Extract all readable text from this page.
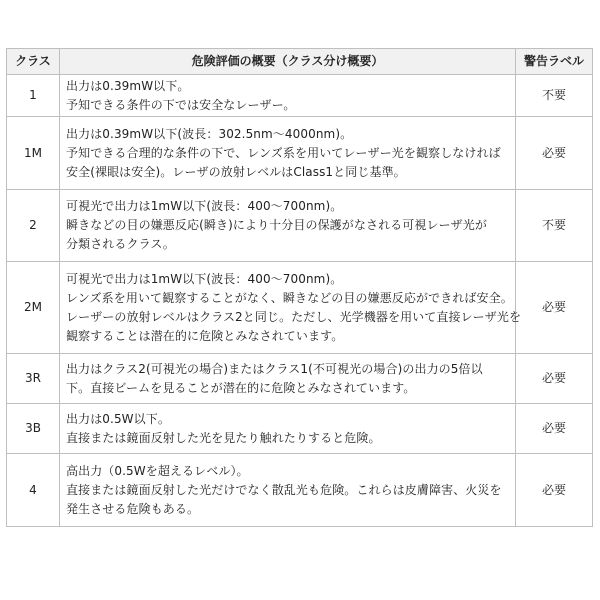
クラス	危険評価の概要（クラス分け概要）	警告ラベル
1	出力は0.39mW以下。
予知できる条件の下では安全なレーザー。	不要
1M	出力は0.39mW以下(波長：302.5nm〜4000nm)。
予知できる合理的な条件の下で、レンズ系を用いてレーザー光を観察しなければ
安全(裸眼は安全)。レーザの放射レベルはClass1と同じ基準。	必要
2	可視光で出力は1mW以下(波長：400〜700nm)。
瞬きなどの目の嫌悪反応(瞬き)により十分目の保護がなされる可視レーザ光が
分類されるクラス。	不要
2M	可視光で出力は1mW以下(波長：400〜700nm)。
レンズ系を用いて観察することがなく、瞬きなどの目の嫌悪反応ができれば安全。
レーザーの放射レベルはクラス2と同じ。ただし、光学機器を用いて直接レーザ光を
観察することは潜在的に危険とみなされています。	必要
3R	出力はクラス2(可視光の場合)またはクラス1(不可視光の場合)の出力の5倍以
下。直接ビームを見ることが潜在的に危険とみなされています。	必要
3B	出力は0.5W以下。
直接または鏡面反射した光を見たり触れたりすると危険。	必要
4	高出力（0.5Wを超えるレベル）。
直接または鏡面反射した光だけでなく散乱光も危険。これらは皮膚障害、火災を
発生させる危険もある。	必要
